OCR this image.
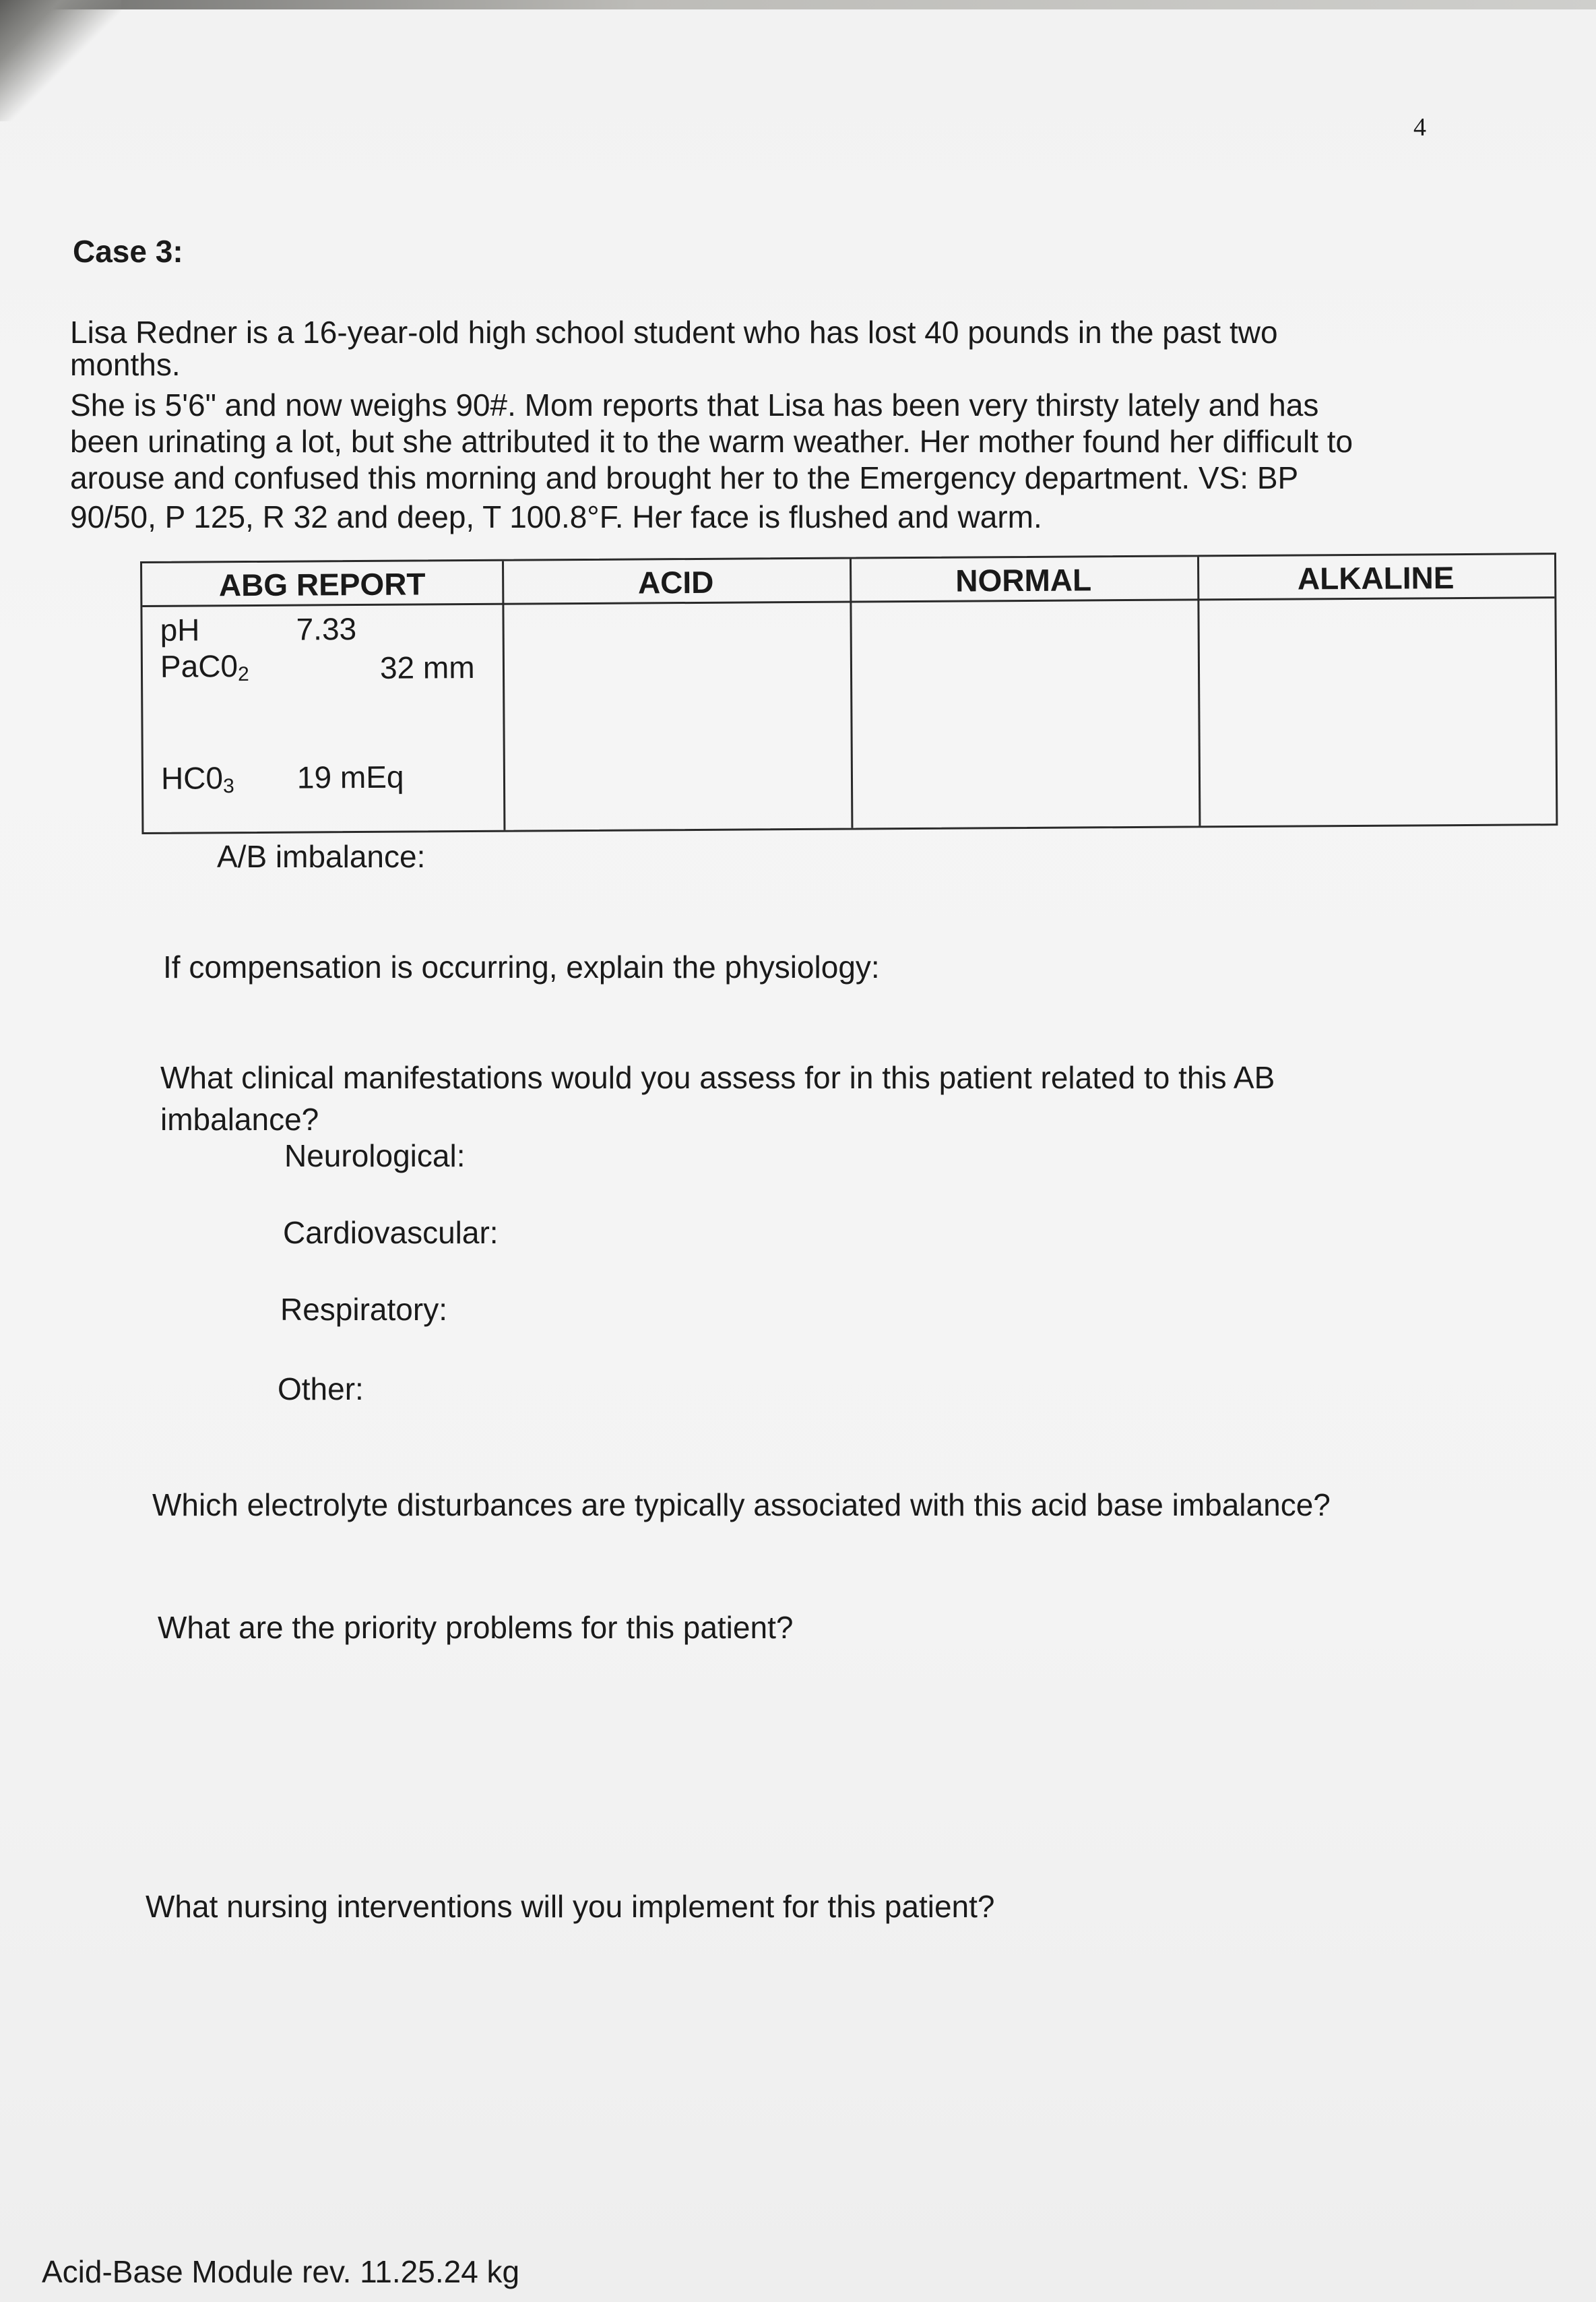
4
Case 3:
Lisa Redner is a 16-year-old high school student who has lost 40 pounds in the past two
months.
She is 5'6" and now weighs 90#. Mom reports that Lisa has been very thirsty lately and has
been urinating a lot, but she attributed it to the warm weather. Her mother found her difficult to
arouse and confused this morning and brought her to the Emergency department. VS: BP
90/50, P 125, R 32 and deep, T 100.8°F. Her face is flushed and warm.
ABG REPORT	ACID	NORMAL	ALKALINE
pH	7.33
$PaC0_2$	32 mm
$HC0_3$ 19 mEq
A/B imbalance:
If compensation is occurring, explain the physiology:
What clinical manifestations would you assess for in this patient related to this AB
imbalance?
Neurological:
Cardiovascular:
Respiratory:
Other:
Which electrolyte disturbances are typically associated with this acid base imbalance?
What are the priority problems for this patient?
What nursing interventions will you implement for this patient?
Acid-Base Module rev. 11.25.24 kg
